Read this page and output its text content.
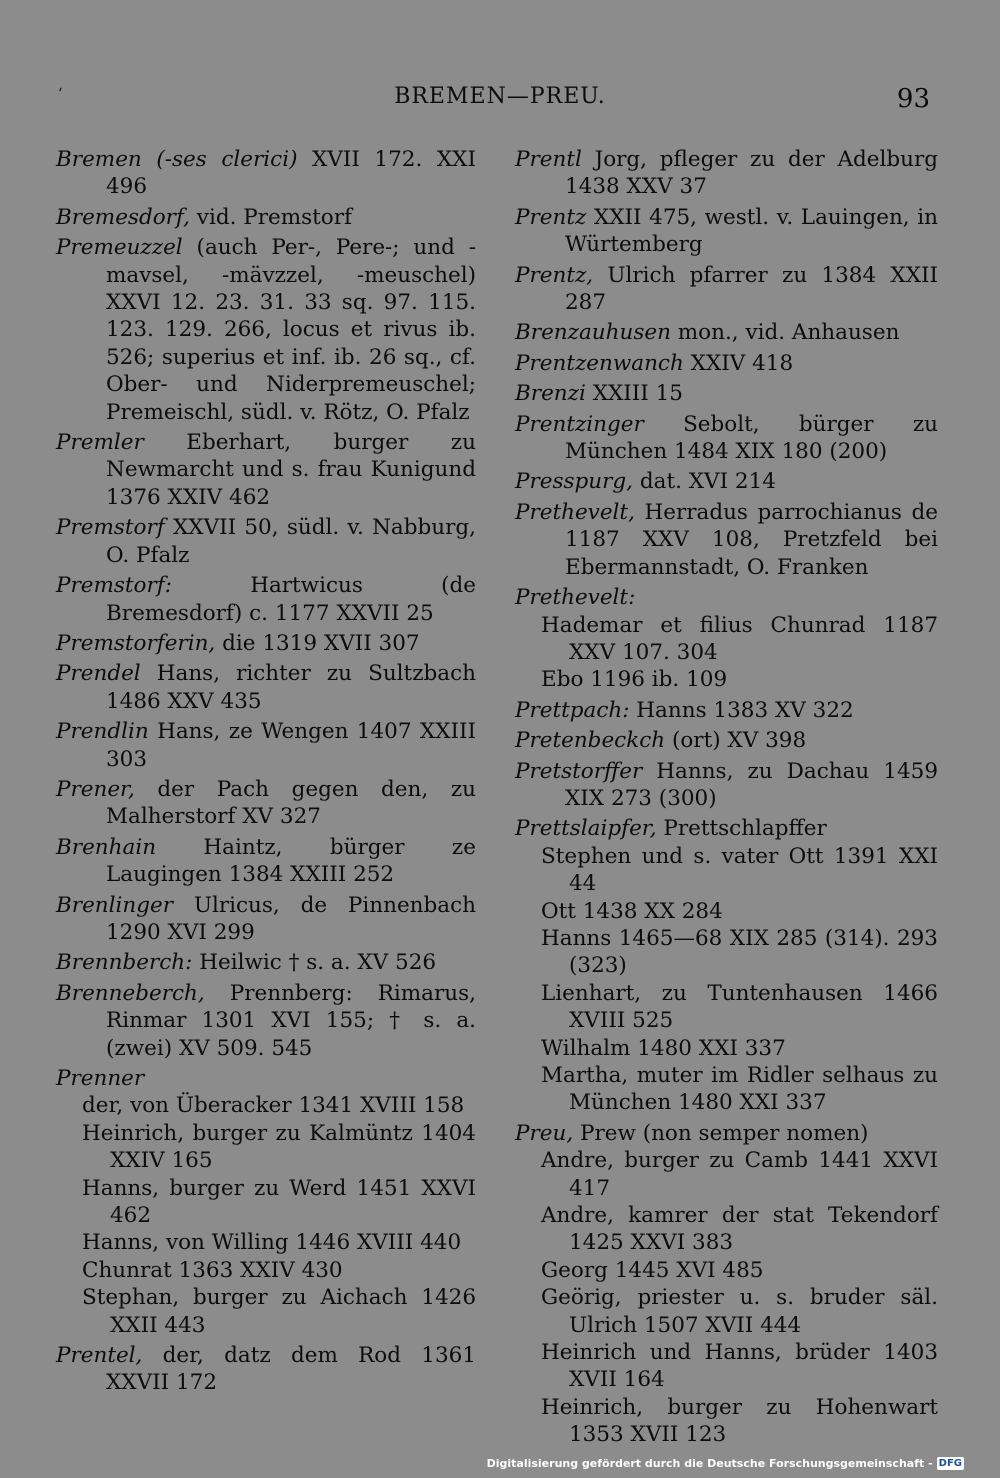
‘	BREMEN—PREU.	93
Bremen (-ses clerici) XVII 172. XXI 496
Bremesdorf, vid. Premstorf
Premeuzzel (auch Per-, Pere-; und -mavsel, -mävzzel, -meuschel) XXVI 12. 23. 31. 33 sq. 97. 115. 123. 129. 266, locus et rivus ib. 526; superius et inf. ib. 26 sq., cf. Ober- und Niderpremeuschel; Premeischl, südl. v. Rötz, O. Pfalz
Premler Eberhart, burger zu Newmarcht und s. frau Kunigund 1376 XXIV 462
Premstorf XXVII 50, südl. v. Nabburg, O. Pfalz
Premstorf: Hartwicus (de Bremesdorf) c. 1177 XXVII 25
Premstorferin, die 1319 XVII 307
Prendel Hans, richter zu Sultzbach 1486 XXV 435
Prendlin Hans, ze Wengen 1407 XXIII 303
Prener, der Pach gegen den, zu Malherstorf XV 327
Brenhain Haintz, bürger ze Laugingen 1384 XXIII 252
Brenlinger Ulricus, de Pinnenbach 1290 XVI 299
Brennberch: Heilwic † s. a. XV 526
Brenneberch, Prennberg: Rimarus, Rinmar 1301 XVI 155; † s. a. (zwei) XV 509. 545
Prenner
der, von Überacker 1341 XVIII 158
Heinrich, burger zu Kalmüntz 1404 XXIV 165
Hanns, burger zu Werd 1451 XXVI 462
Hanns, von Willing 1446 XVIII 440
Chunrat 1363 XXIV 430
Stephan, burger zu Aichach 1426 XXII 443
Prentel, der, datz dem Rod 1361 XXVII 172
Prentl Jorg, pfleger zu der Adelburg 1438 XXV 37
Prentz XXII 475, westl. v. Lauingen, in Würtemberg
Prentz, Ulrich pfarrer zu 1384 XXII 287
Brenzauhusen mon., vid. Anhausen
Prentzenwanch XXIV 418
Brenzi XXIII 15
Prentzinger Sebolt, bürger zu München 1484 XIX 180 (200)
Presspurg, dat. XVI 214
Prethevelt, Herradus parrochianus de 1187 XXV 108, Pretzfeld bei Ebermannstadt, O. Franken
Prethevelt:
Hademar et filius Chunrad 1187 XXV 107. 304
Ebo 1196 ib. 109
Prettpach: Hanns 1383 XV 322
Pretenbeckch (ort) XV 398
Pretstorffer Hanns, zu Dachau 1459 XIX 273 (300)
Prettslaipfer, Prettschlapffer
Stephen und s. vater Ott 1391 XXI 44
Ott 1438 XX 284
Hanns 1465—68 XIX 285 (314). 293 (323)
Lienhart, zu Tuntenhausen 1466 XVIII 525
Wilhalm 1480 XXI 337
Martha, muter im Ridler selhaus zu München 1480 XXI 337
Preu, Prew (non semper nomen)
Andre, burger zu Camb 1441 XXVI 417
Andre, kamrer der stat Tekendorf 1425 XXVI 383
Georg 1445 XVI 485
Geörig, priester u. s. bruder säl. Ulrich 1507 XVII 444
Heinrich und Hanns, brüder 1403 XVII 164
Heinrich, burger zu Hohenwart 1353 XVII 123
Digitalisierung gefördert durch die Deutsche Forschungsgemeinschaft - DFG
